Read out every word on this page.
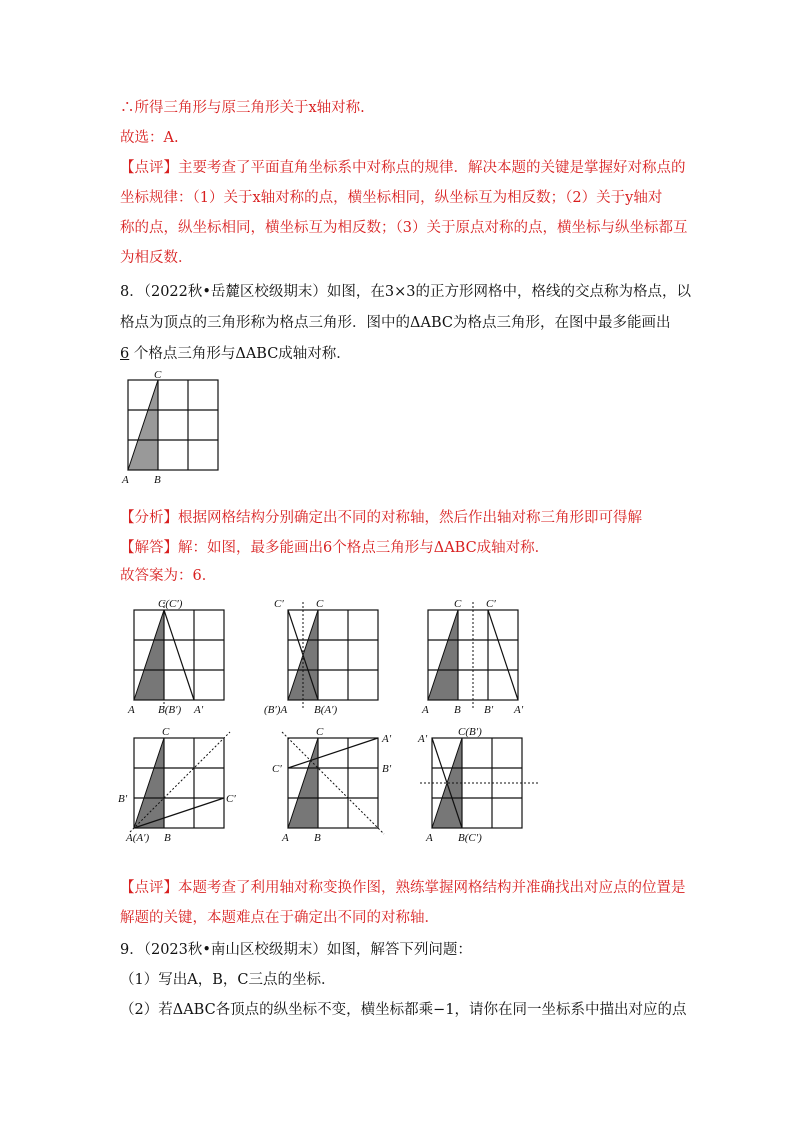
∴所得三角形与原三角形关于x轴对称.
故选：A.
【点评】主要考查了平面直角坐标系中对称点的规律．解决本题的关键是掌握好对称点的
坐标规律：（1）关于x轴对称的点，横坐标相同，纵坐标互为相反数；（2）关于y轴对
称的点，纵坐标相同，横坐标互为相反数；（3）关于原点对称的点，横坐标与纵坐标都互
为相反数．
8．（2022秋•岳麓区校级期末）如图，在3×3的正方形网格中，格线的交点称为格点，以
格点为顶点的三角形称为格点三角形．图中的ΔABC为格点三角形，在图中最多能画出
6 个格点三角形与ΔABC成轴对称．
C
A B
【分析】根据网格结构分别确定出不同的对称轴，然后作出轴对称三角形即可得解
【解答】解：如图，最多能画出6个格点三角形与ΔABC成轴对称．
故答案为：6．
C(C′)
A B(B′) A′
C′	C
(B′)A B(A′)
C C′
A B B′ A′
C
B′	C′
A(A′) B
C
C′
A′
B′
A B
A′
C(B′)
A B(C′)
【点评】本题考查了利用轴对称变换作图，熟练掌握网格结构并准确找出对应点的位置是
解题的关键，本题难点在于确定出不同的对称轴．
9．（2023秋•南山区校级期末）如图，解答下列问题：
（1）写出A，B，C三点的坐标．
（2）若ΔABC各顶点的纵坐标不变，横坐标都乘−1，请你在同一坐标系中描出对应的点
